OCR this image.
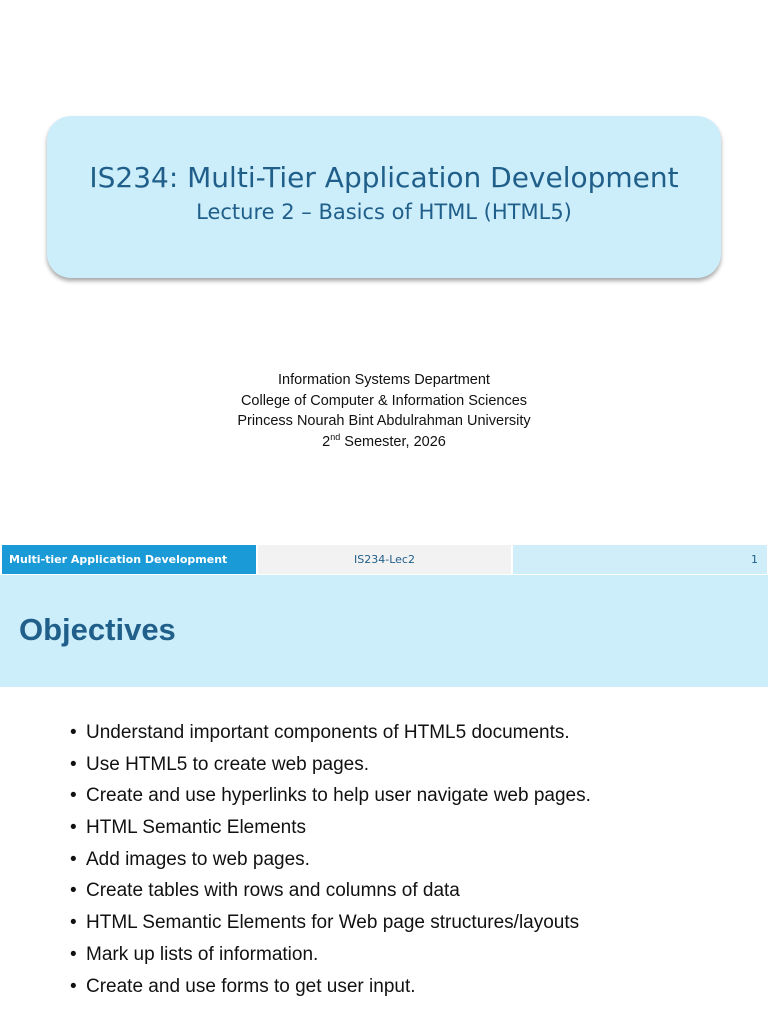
IS234: Multi-Tier Application Development
Lecture 2 – Basics of HTML (HTML5)
Information Systems Department
College of Computer & Information Sciences
Princess Nourah Bint Abdulrahman University
2nd Semester, 2026
Multi-tier Application Development	IS234-Lec2	1
Objectives
• Understand important components of HTML5 documents.
• Use HTML5 to create web pages.
• Create and use hyperlinks to help user navigate web pages.
• HTML Semantic Elements
• Add images to web pages.
• Create tables with rows and columns of data
• HTML Semantic Elements for Web page structures/layouts
• Mark up lists of information.
• Create and use forms to get user input.
